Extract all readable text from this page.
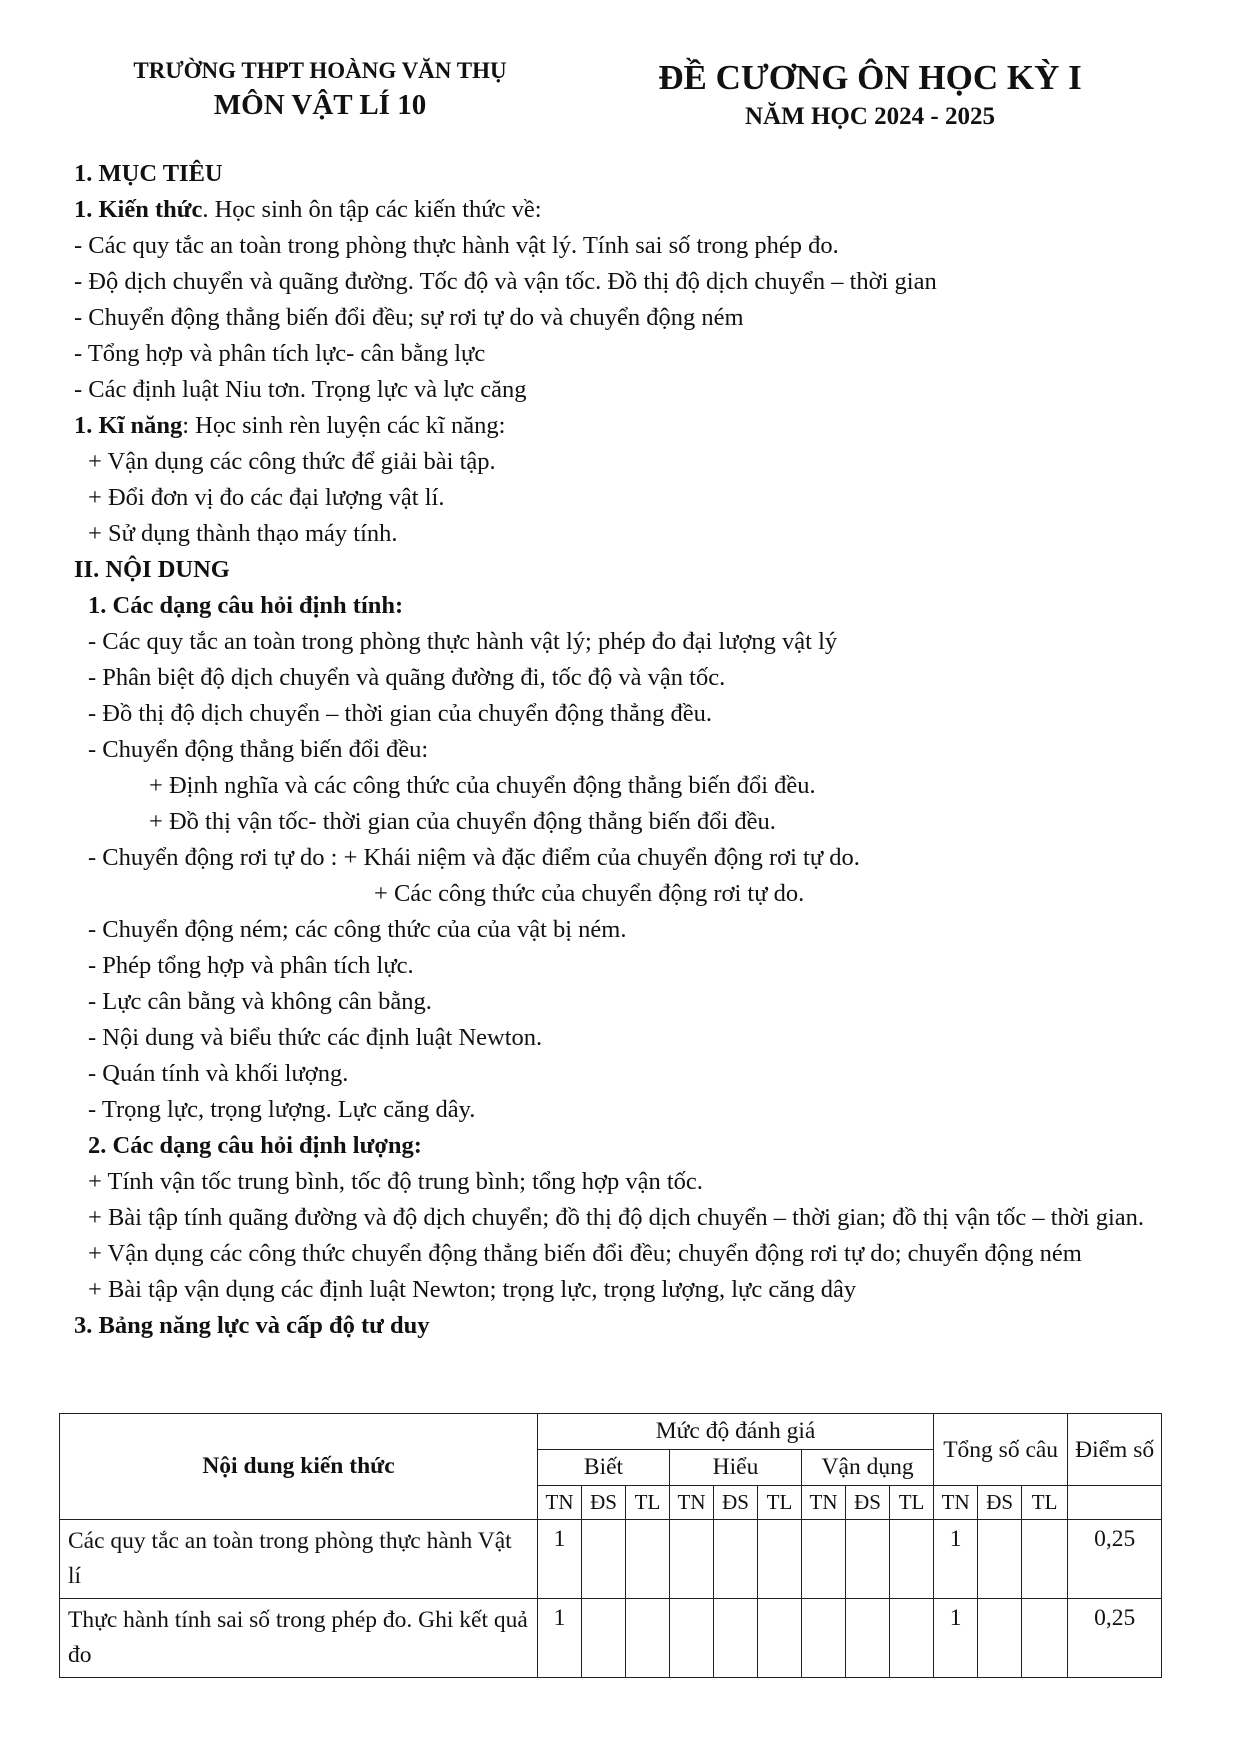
TRƯỜNG THPT HOÀNG VĂN THỤ
MÔN VẬT LÍ 10
ĐỀ CƯƠNG ÔN HỌC KỲ I
NĂM HỌC 2024 - 2025
1. MỤC TIÊU
1. Kiến thức. Học sinh ôn tập các kiến thức về:
- Các quy tắc an toàn trong phòng thực hành vật lý. Tính sai số trong phép đo.
- Độ dịch chuyển và quãng đường. Tốc độ và vận tốc. Đồ thị độ dịch chuyển – thời gian
- Chuyển động thẳng biến đổi đều; sự rơi tự do và chuyển động ném
- Tổng hợp và phân tích lực- cân bằng lực
- Các định luật Niu tơn. Trọng lực và lực căng
1. Kĩ năng: Học sinh rèn luyện các kĩ năng:
+ Vận dụng các công thức để giải bài tập.
+ Đổi đơn vị đo các đại lượng vật lí.
+ Sử dụng thành thạo máy tính.
II. NỘI DUNG
1. Các dạng câu hỏi định tính:
- Các quy tắc an toàn trong phòng thực hành vật lý; phép đo đại lượng vật lý
- Phân biệt độ dịch chuyển và quãng đường đi, tốc độ và vận tốc.
- Đồ thị độ dịch chuyển – thời gian của chuyển động thẳng đều.
- Chuyển động thẳng biến đổi đều:
+ Định nghĩa và các công thức của chuyển động thẳng biến đổi đều.
+ Đồ thị vận tốc- thời gian của chuyển động thẳng biến đổi đều.
- Chuyển động rơi tự do : + Khái niệm và đặc điểm của chuyển động rơi tự do.
+ Các công thức của chuyển động rơi tự do.
- Chuyển động ném; các công thức của của vật bị ném.
- Phép tổng hợp và phân tích lực.
- Lực cân bằng và không cân bằng.
- Nội dung và biểu thức các định luật Newton.
- Quán tính và khối lượng.
- Trọng lực, trọng lượng. Lực căng dây.
2. Các dạng câu hỏi định lượng:
+ Tính vận tốc trung bình, tốc độ trung bình; tổng hợp vận tốc.
+ Bài tập tính quãng đường và độ dịch chuyển; đồ thị độ dịch chuyển – thời gian; đồ thị vận tốc – thời gian.
+ Vận dụng các công thức chuyển động thẳng biến đổi đều; chuyển động rơi tự do; chuyển động ném
+ Bài tập vận dụng các định luật Newton; trọng lực, trọng lượng, lực căng dây
3. Bảng năng lực và cấp độ tư duy
Nội dung kiến thức	Mức độ đánh giá									Tổng số câu			Điểm số
	Biết			Hiểu			Vận dụng						
	TN	ĐS	TL	TN	ĐS	TL	TN	ĐS	TL	TN	ĐS	TL	
Các quy tắc an toàn trong phòng thực hành Vật lí	1									1			0,25
Thực hành tính sai số trong phép đo. Ghi kết quả đo	1									1			0,25
